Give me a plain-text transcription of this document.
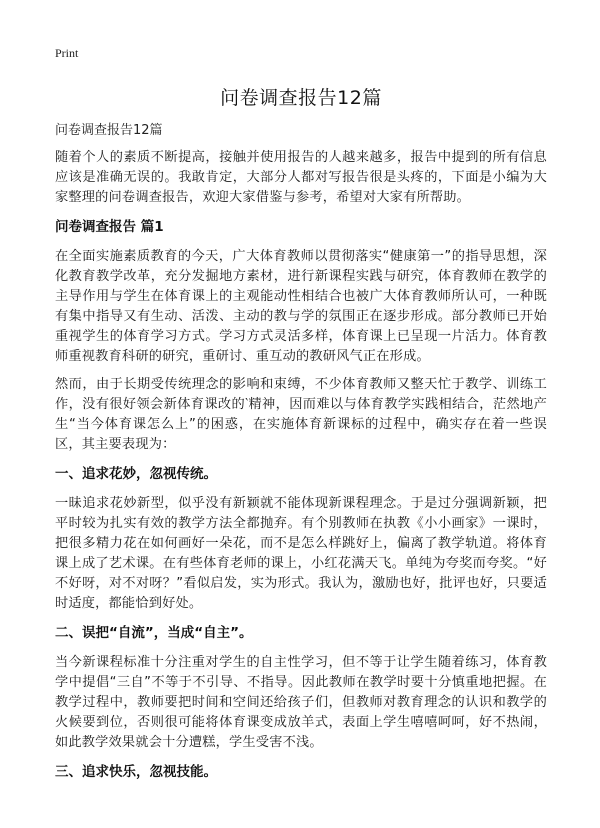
Print
问卷调查报告12篇
问卷调查报告12篇

随着个人的素质不断提高，接触并使用报告的人越来越多，报告中提到的所有信息应该是准确无误的。我敢肯定，大部分人都对写报告很是头疼的，下面是小编为大家整理的问卷调查报告，欢迎大家借鉴与参考，希望对大家有所帮助。

问卷调查报告 篇1

在全面实施素质教育的今天，广大体育教师以贯彻落实“健康第一”的指导思想，深化教育教学改革，充分发掘地方素材，进行新课程实践与研究，体育教师在教学的主导作用与学生在体育课上的主观能动性相结合也被广大体育教师所认可，一种既有集中指导又有生动、活泼、主动的教与学的氛围正在逐步形成。部分教师已开始重视学生的体育学习方式。学习方式灵活多样，体育课上已呈现一片活力。体育教师重视教育科研的研究，重研讨、重互动的教研风气正在形成。

然而，由于长期受传统理念的影响和束缚，不少体育教师又整天忙于教学、训练工作，没有很好领会新体育课改的‵精神，因而难以与体育教学实践相结合，茫然地产生“当今体育课怎么上”的困惑，在实施体育新课标的过程中，确实存在着一些误区，其主要表现为：

一、追求花妙，忽视传统。

一昧追求花妙新型，似乎没有新颖就不能体现新课程理念。于是过分强调新颖，把平时较为扎实有效的教学方法全都抛弃。有个别教师在执教《小小画家》一课时，把很多精力花在如何画好一朵花，而不是怎么样跳好上，偏离了教学轨道。将体育课上成了艺术课。在有些体育老师的课上，小红花满天飞。单纯为夸奖而夸奖。“好不好呀，对不对呀？”看似启发，实为形式。我认为，激励也好，批评也好，只要适时适度，都能恰到好处。

二、误把“自流”，当成“自主”。

当今新课程标准十分注重对学生的自主性学习，但不等于让学生随着练习，体育教学中提倡“三自”不等于不引导、不指导。因此教师在教学时要十分慎重地把握。在教学过程中，教师要把时间和空间还给孩子们，但教师对教育理念的认识和教学的火候要到位，否则很可能将体育课变成放羊式，表面上学生嘻嘻呵呵，好不热闹，如此教学效果就会十分遭糕，学生受害不浅。

三、追求快乐，忽视技能。
